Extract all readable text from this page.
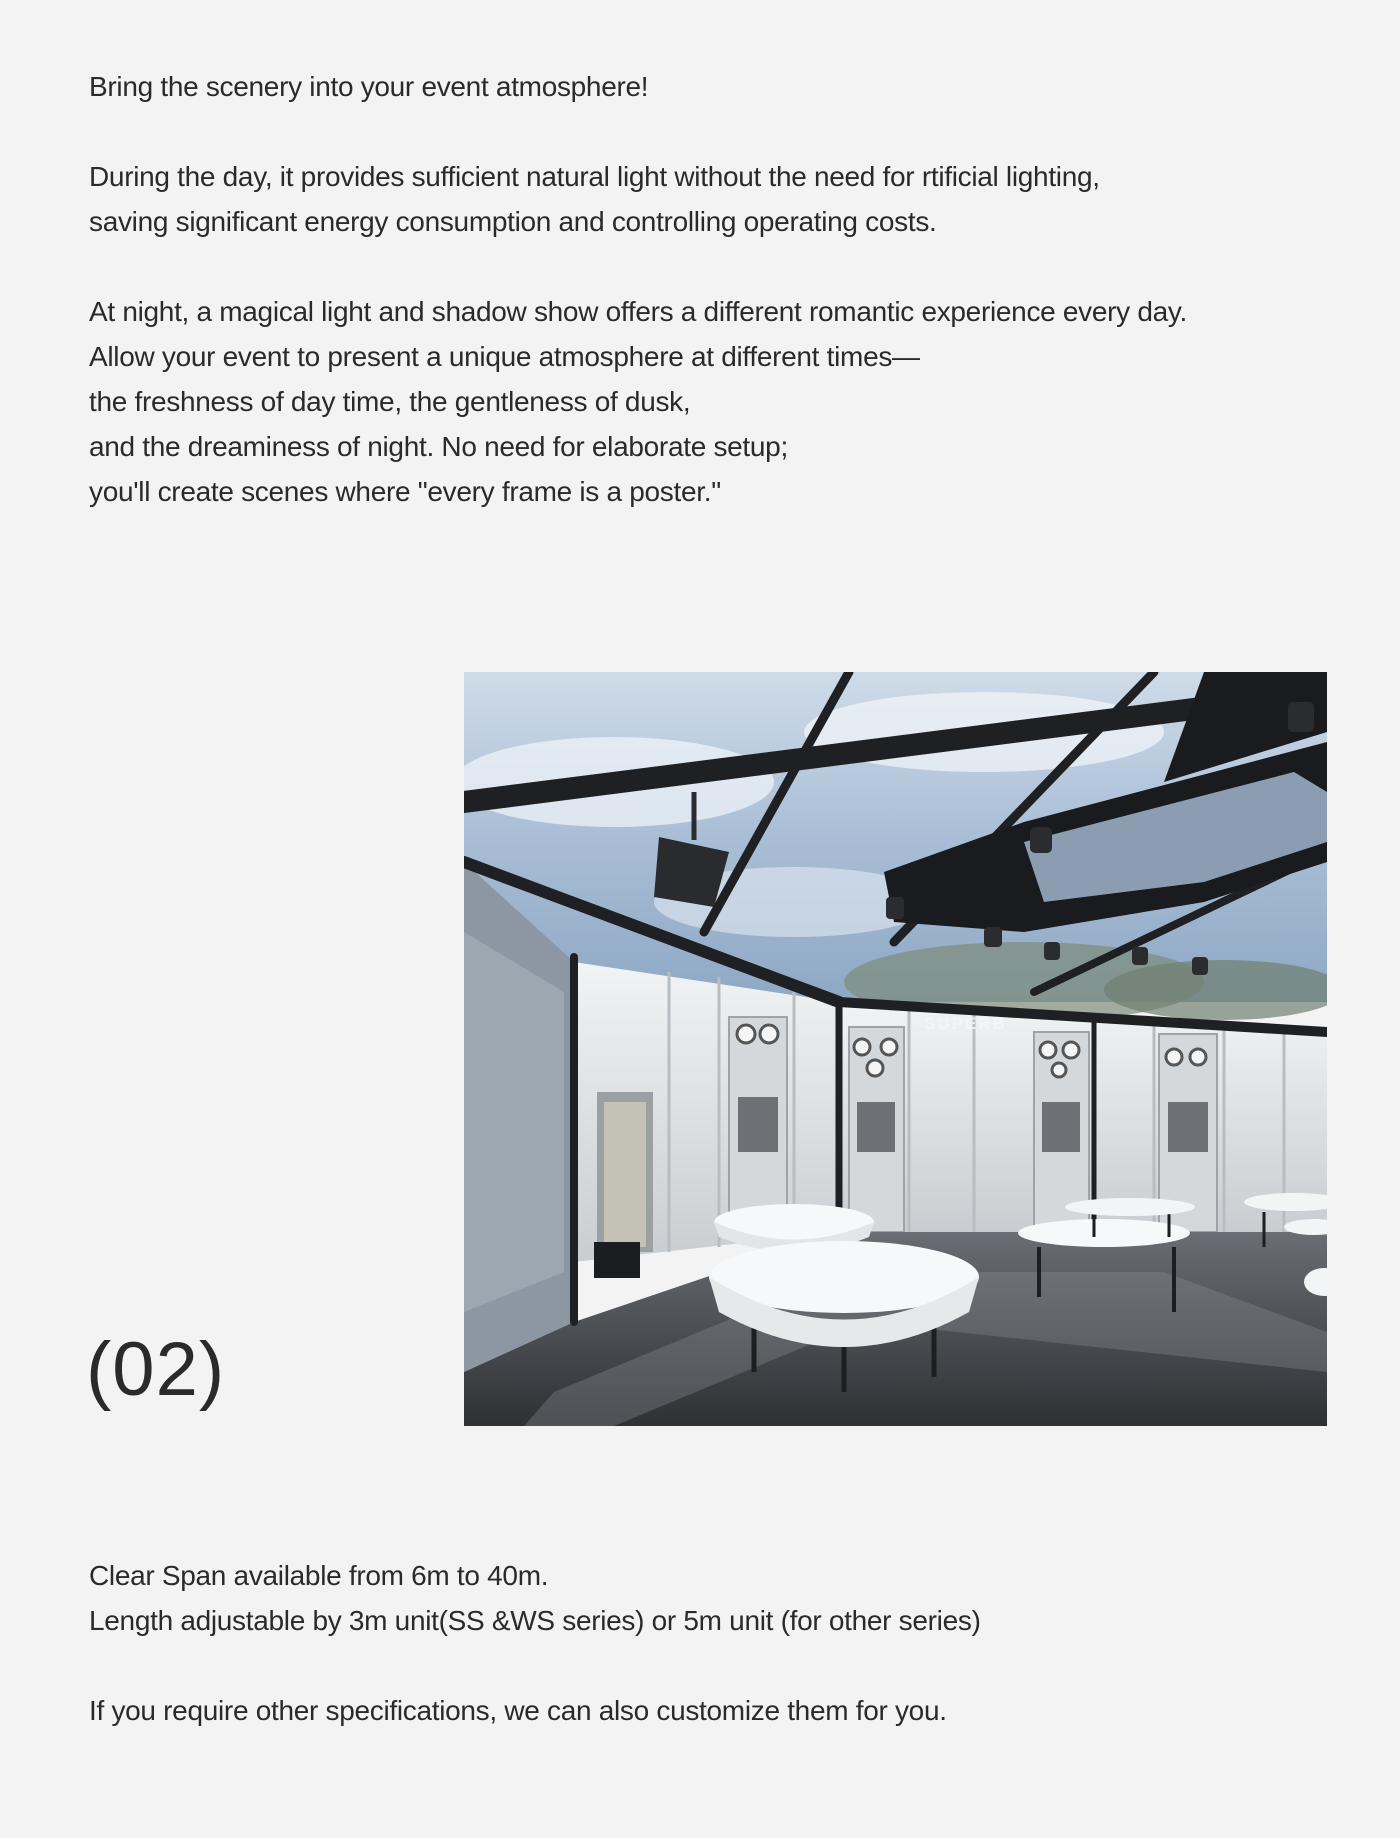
Bring the scenery into your event atmosphere!

During the day, it provides sufficient natural light without the need for rtificial lighting,

saving significant energy consumption and controlling operating costs.

At night, a magical light and shadow show offers a different romantic experience every day.

Allow your event to present a unique atmosphere at different times—

the freshness of day time, the gentleness of dusk,

and the dreaminess of night. No need for elaborate setup;

you'll create scenes where "every frame is a poster."

(02)
SUPERB

Clear Span available from 6m to 40m.

Length adjustable by 3m unit(SS &WS series) or 5m unit (for other series)

If you require other specifications, we can also customize them for you.
